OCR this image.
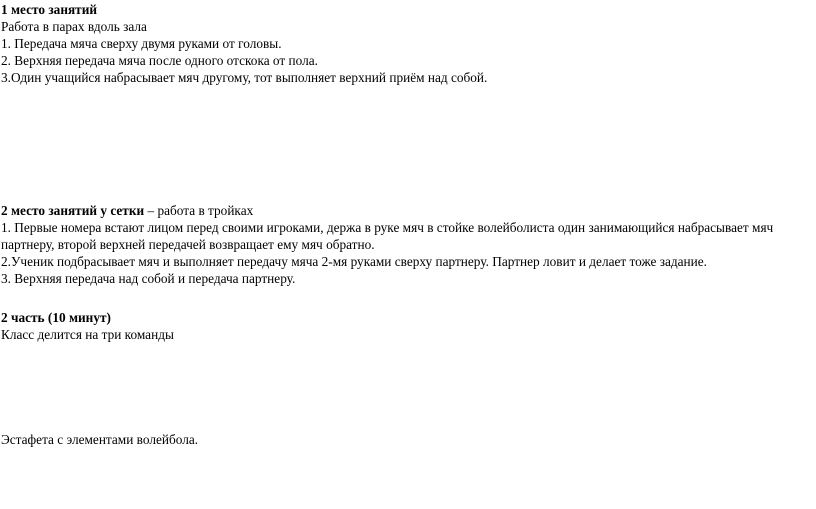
1 место занятий

Работа в парах вдоль зала

1. Передача мяча сверху двумя руками от головы.

2. Верхняя передача мяча после одного отскока от пола.

3.Один учащийся набрасывает мяч другому, тот выполняет верхний приём над собой.

2 место занятий у сетки – работа в тройках

1. Первые номера встают лицом перед своими игроками, держа в руке мяч в стойке волейболиста один занимающийся набрасывает мяч партнеру, второй верхней передачей возвращает ему мяч обратно.

2.Ученик подбрасывает мяч и выполняет передачу мяча 2-мя руками сверху партнеру. Партнер ловит и делает тоже задание.

3. Верхняя передача над собой и передача партнеру.

2 часть (10 минут)

Класс делится на три команды

Эстафета с элементами волейбола.
